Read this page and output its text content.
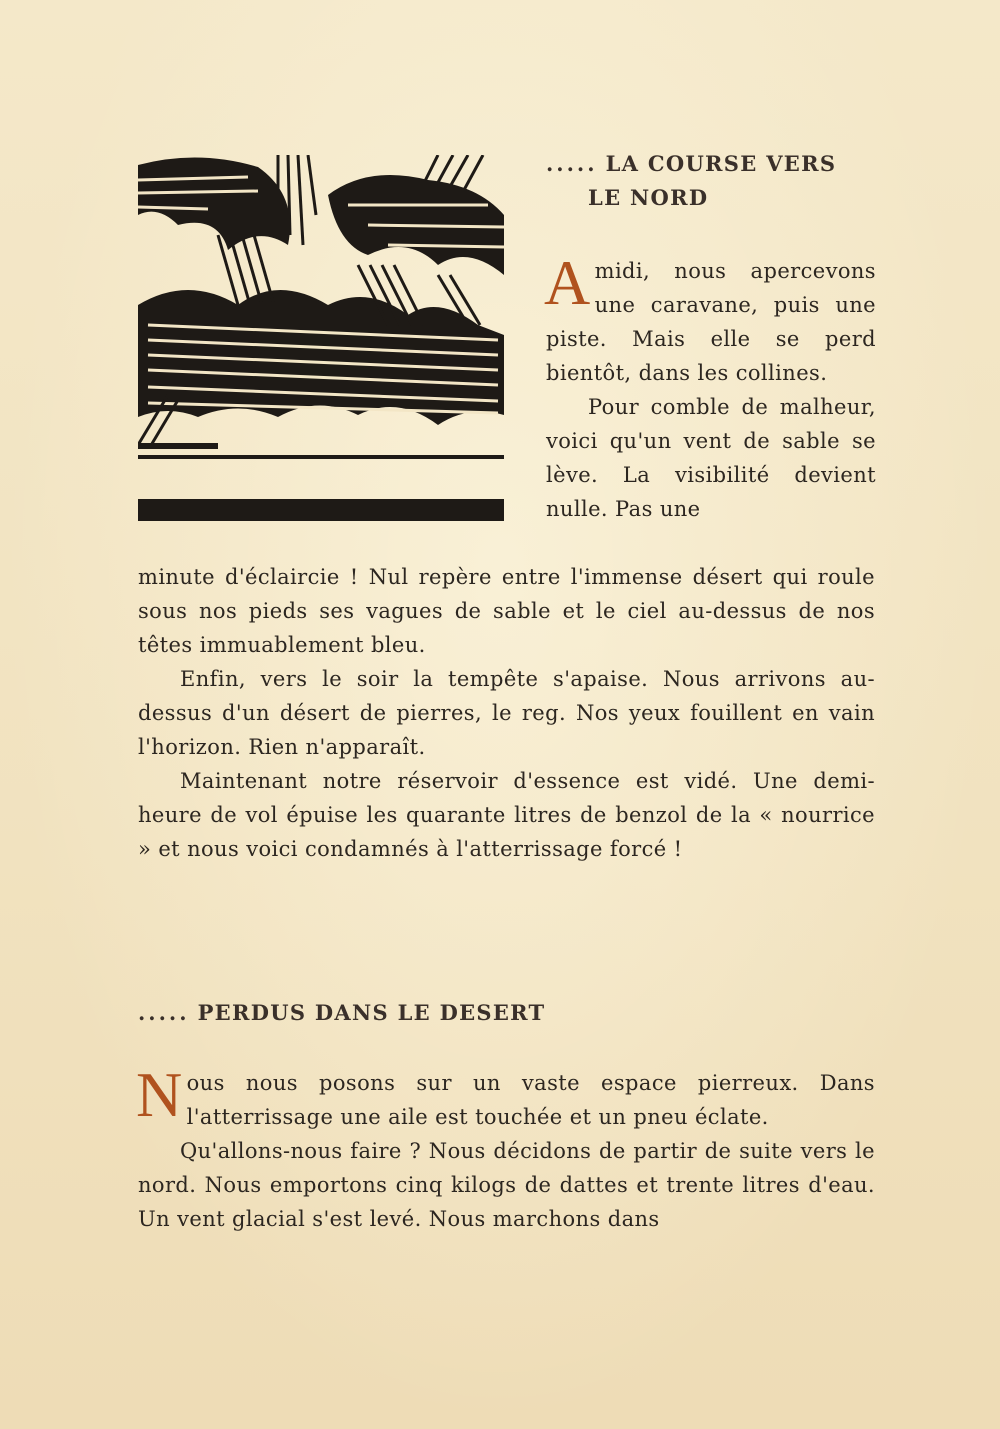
..... LA COURSE VERS

LE NORD

Amidi, nous apercevons une caravane, puis une piste. Mais elle se perd bientôt, dans les collines.

Pour comble de malheur, voici qu'un vent de sable se lève. La visibilité devient nulle. Pas une

minute d'éclaircie ! Nul repère entre l'immense désert qui roule sous nos pieds ses vagues de sable et le ciel au-dessus de nos têtes immuablement bleu.

Enfin, vers le soir la tempête s'apaise. Nous arrivons au-dessus d'un désert de pierres, le reg. Nos yeux fouillent en vain l'horizon. Rien n'apparaît.

Maintenant notre réservoir d'essence est vidé. Une demi-heure de vol épuise les quarante litres de benzol de la « nourrice » et nous voici condamnés à l'atterrissage forcé !

..... PERDUS DANS LE DESERT

Nous nous posons sur un vaste espace pierreux. Dans l'atterrissage une aile est touchée et un pneu éclate.

Qu'allons-nous faire ? Nous décidons de partir de suite vers le nord. Nous emportons cinq kilogs de dattes et trente litres d'eau. Un vent glacial s'est levé. Nous marchons dans
